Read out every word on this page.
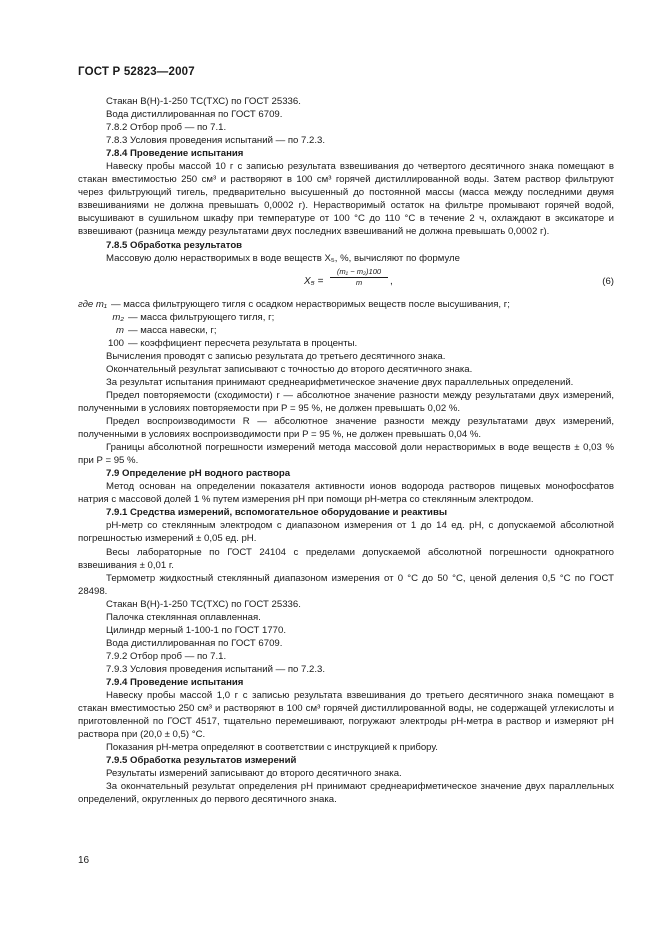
ГОСТ Р 52823—2007

Стакан В(Н)-1-250 ТС(ТХС) по ГОСТ 25336.

Вода дистиллированная по ГОСТ 6709.

7.8.2 Отбор проб — по 7.1.

7.8.3 Условия проведения испытаний — по 7.2.3.

7.8.4 Проведение испытания

Навеску пробы массой 10 г с записью результата взвешивания до четвертого десятичного знака помещают в стакан вместимостью 250 см³ и растворяют в 100 см³ горячей дистиллированной воды. Затем раствор фильтруют через фильтрующий тигель, предварительно высушенный до постоянной массы (масса между последними двумя взвешиваниями не должна превышать 0,0002 г). Нерастворимый остаток на фильтре промывают горячей водой, высушивают в сушильном шкафу при температуре от 100 °С до 110 °С в течение 2 ч, охлаждают в эксикаторе и взвешивают (разница между результатами двух последних взвешиваний не должна превышать 0,0002 г).

7.8.5 Обработка результатов

Массовую долю нерастворимых в воде веществ X₅, %, вычисляют по формуле

$X_5 = \frac{\text{(m₁ − m₂)100}}{m}$ ,	(6)
где m₁ — масса фильтрующего тигля с осадком нерастворимых веществ после высушивания, г;
m₂ — масса фильтрующего тигля, г;
m — масса навески, г;
100 — коэффициент пересчета результата в проценты.

Вычисления проводят с записью результата до третьего десятичного знака.

Окончательный результат записывают с точностью до второго десятичного знака.

За результат испытания принимают среднеарифметическое значение двух параллельных определений.

Предел повторяемости (сходимости) r — абсолютное значение разности между результатами двух измерений, полученными в условиях повторяемости при P = 95 %, не должен превышать 0,02 %.

Предел воспроизводимости R — абсолютное значение разности между результатами двух измерений, полученными в условиях воспроизводимости при P = 95 %, не должен превышать 0,04 %.

Границы абсолютной погрешности измерений метода массовой доли нерастворимых в воде веществ ± 0,03 % при P = 95 %.

7.9 Определение рН водного раствора

Метод основан на определении показателя активности ионов водорода растворов пищевых монофосфатов натрия с массовой долей 1 % путем измерения рН при помощи рН-метра со стеклянным электродом.

7.9.1 Средства измерений, вспомогательное оборудование и реактивы

рН-метр со стеклянным электродом с диапазоном измерения от 1 до 14 ед. рН, с допускаемой абсолютной погрешностью измерений ± 0,05 ед. рН.

Весы лабораторные по ГОСТ 24104 с пределами допускаемой абсолютной погрешности однократного взвешивания ± 0,01 г.

Термометр жидкостный стеклянный диапазоном измерения от 0 °С до 50 °С, ценой деления 0,5 °С по ГОСТ 28498.

Стакан В(Н)-1-250 ТС(ТХС) по ГОСТ 25336.

Палочка стеклянная оплавленная.

Цилиндр мерный 1-100-1 по ГОСТ 1770.

Вода дистиллированная по ГОСТ 6709.

7.9.2 Отбор проб — по 7.1.

7.9.3 Условия проведения испытаний — по 7.2.3.

7.9.4 Проведение испытания

Навеску пробы массой 1,0 г с записью результата взвешивания до третьего десятичного знака помещают в стакан вместимостью 250 см³ и растворяют в 100 см³ горячей дистиллированной воды, не содержащей углекислоты и приготовленной по ГОСТ 4517, тщательно перемешивают, погружают электроды рН-метра в раствор и измеряют рН раствора при (20,0 ± 0,5) °С.

Показания рН-метра определяют в соответствии с инструкцией к прибору.

7.9.5 Обработка результатов измерений

Результаты измерений записывают до второго десятичного знака.

За окончательный результат определения рН принимают среднеарифметическое значение двух параллельных определений, округленных до первого десятичного знака.

16
